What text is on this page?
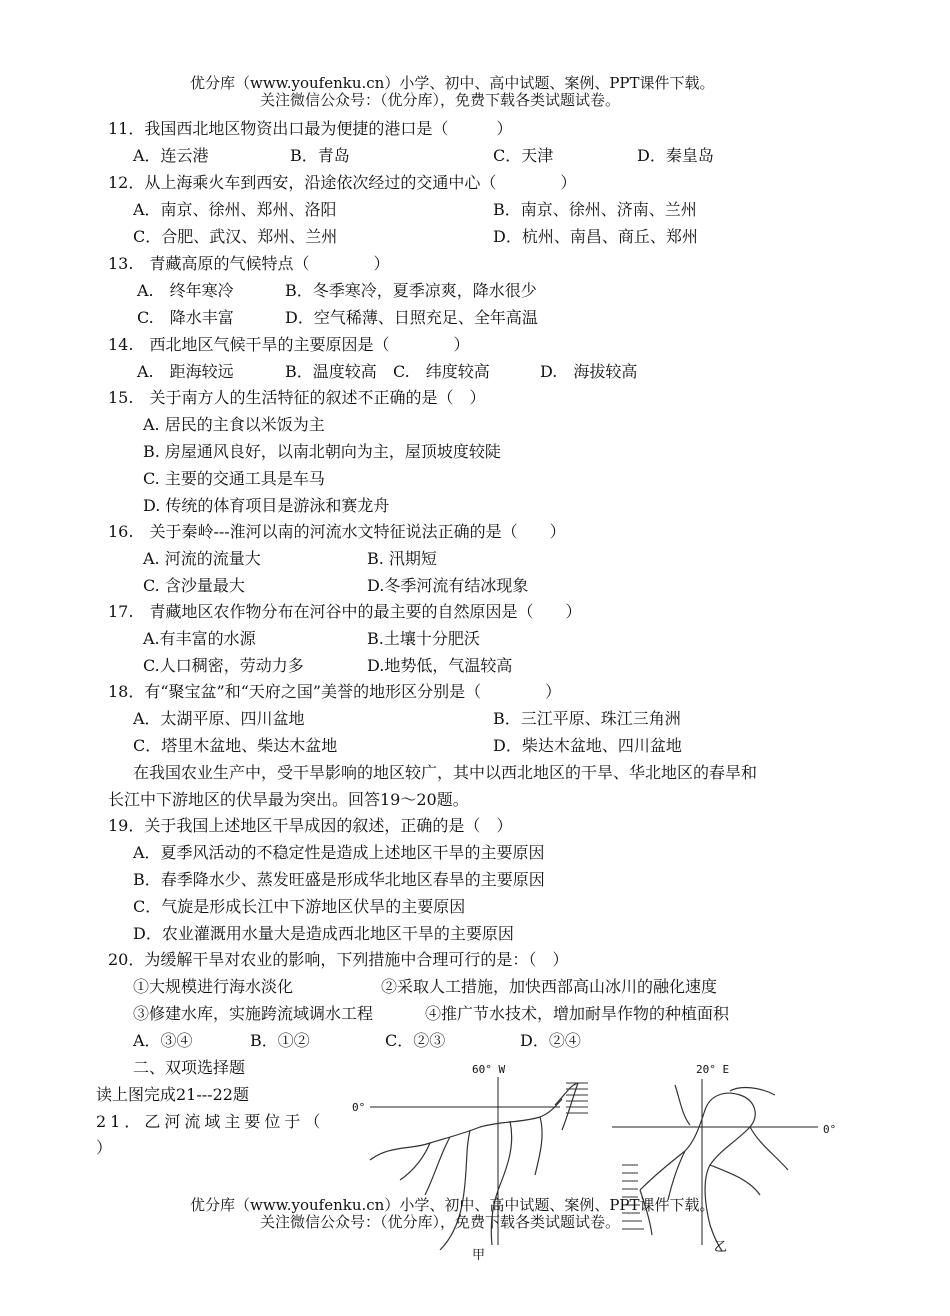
优分库（www.youfenku.cn）小学、初中、高中试题、案例、PPT课件下载。
关注微信公众号：（优分库），免费下载各类试题试卷。
11．我国西北地区物资出口最为便捷的港口是（　　　）
A．连云港	B．青岛	C．天津	D．秦皇岛
12．从上海乘火车到西安，沿途依次经过的交通中心（　　　　）
A．南京、徐州、郑州、洛阳	B．南京、徐州、济南、兰州
C．合肥、武汉、郑州、兰州	D．杭州、南昌、商丘、郑州
13.　青藏高原的气候特点（　　　　）
A.　终年寒冷	B．冬季寒冷，夏季凉爽，降水很少
C.　降水丰富	D．空气稀薄、日照充足、全年高温
14.　西北地区气候干旱的主要原因是（　　　　）
A.　距海较远	B．温度较高 C.　纬度较高	D.　海拔较高
15.　关于南方人的生活特征的叙述不正确的是（　）
A. 居民的主食以米饭为主
B. 房屋通风良好，以南北朝向为主，屋顶坡度较陡
C. 主要的交通工具是车马
D. 传统的体育项目是游泳和赛龙舟
16.　关于秦岭---淮河以南的河流水文特征说法正确的是（　　）
A. 河流的流量大	B. 汛期短
C. 含沙量最大	D.冬季河流有结冰现象
17.　青藏地区农作物分布在河谷中的最主要的自然原因是（　　）
A.有丰富的水源	B.土壤十分肥沃
C.人口稠密，劳动力多	D.地势低，气温较高
18．有“聚宝盆”和“天府之国”美誉的地形区分别是（　　　　）
A．太湖平原、四川盆地	B．三江平原、珠江三角洲
C．塔里木盆地、柴达木盆地	D．柴达木盆地、四川盆地
在我国农业生产中，受干旱影响的地区较广，其中以西北地区的干旱、华北地区的春旱和
长江中下游地区的伏旱最为突出。回答19～20题。
19．关于我国上述地区干旱成因的叙述，正确的是（　）
A．夏季风活动的不稳定性是造成上述地区干旱的主要原因
B．春季降水少、蒸发旺盛是形成华北地区春旱的主要原因
C．气旋是形成长江中下游地区伏旱的主要原因
D．农业灌溉用水量大是造成西北地区干旱的主要原因
20．为缓解干旱对农业的影响，下列措施中合理可行的是：（　）
①大规模进行海水淡化	②采取人工措施，加快西部高山冰川的融化速度
③修建水库，实施跨流域调水工程	④推广节水技术，增加耐旱作物的种植面积
A．③④	B．①②	C．②③	D．②④
二、双项选择题
读上图完成21---22题
21．乙河流域主要位于（
）
60° W
0°
甲
20° E
0°
乙
优分库（www.youfenku.cn）小学、初中、高中试题、案例、PPT课件下载。
关注微信公众号：（优分库），免费下载各类试题试卷。
